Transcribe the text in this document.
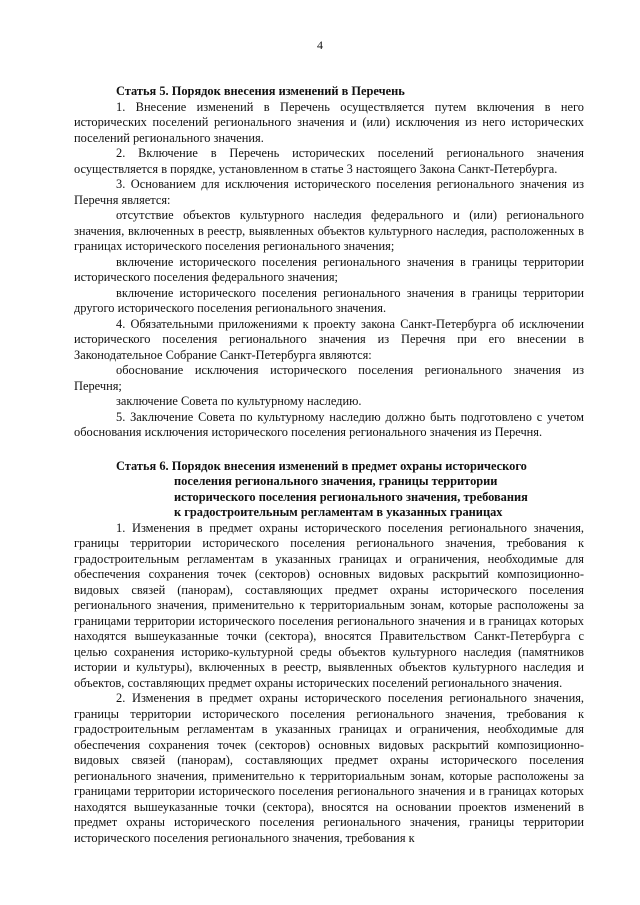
4

Статья 5. Порядок внесения изменений в Перечень

1. Внесение изменений в Перечень осуществляется путем включения в него исторических поселений регионального значения и (или) исключения из него исторических поселений регионального значения.

2. Включение в Перечень исторических поселений регионального значения осуществляется в порядке, установленном в статье 3 настоящего Закона Санкт-Петербурга.

3. Основанием для исключения исторического поселения регионального значения из Перечня является:

отсутствие объектов культурного наследия федерального и (или) регионального значения, включенных в реестр, выявленных объектов культурного наследия, расположенных в границах исторического поселения регионального значения;

включение исторического поселения регионального значения в границы территории исторического поселения федерального значения;

включение исторического поселения регионального значения в границы территории другого исторического поселения регионального значения.

4. Обязательными приложениями к проекту закона Санкт-Петербурга об исключении исторического поселения регионального значения из Перечня при его внесении в Законодательное Собрание Санкт-Петербурга являются:

обоснование исключения исторического поселения регионального значения из Перечня;

заключение Совета по культурному наследию.

5. Заключение Совета по культурному наследию должно быть подготовлено с учетом обоснования исключения исторического поселения регионального значения из Перечня.

Статья 6. Порядок внесения изменений в предмет охраны исторического
поселения регионального значения, границы территории
исторического поселения регионального значения, требования
к градостроительным регламентам в указанных границах

1. Изменения в предмет охраны исторического поселения регионального значения, границы территории исторического поселения регионального значения, требования к градостроительным регламентам в указанных границах и ограничения, необходимые для обеспечения сохранения точек (секторов) основных видовых раскрытий композиционно-видовых связей (панорам), составляющих предмет охраны исторического поселения регионального значения, применительно к территориальным зонам, которые расположены за границами территории исторического поселения регионального значения и в границах которых находятся вышеуказанные точки (сектора), вносятся Правительством Санкт-Петербурга с целью сохранения историко-культурной среды объектов культурного наследия (памятников истории и культуры), включенных в реестр, выявленных объектов культурного наследия и объектов, составляющих предмет охраны исторических поселений регионального значения.

2. Изменения в предмет охраны исторического поселения регионального значения, границы территории исторического поселения регионального значения, требования к градостроительным регламентам в указанных границах и ограничения, необходимые для обеспечения сохранения точек (секторов) основных видовых раскрытий композиционно-видовых связей (панорам), составляющих предмет охраны исторического поселения регионального значения, применительно к территориальным зонам, которые расположены за границами территории исторического поселения регионального значения и в границах которых находятся вышеуказанные точки (сектора), вносятся на основании проектов изменений в предмет охраны исторического поселения регионального значения, границы территории исторического поселения регионального значения, требования к
